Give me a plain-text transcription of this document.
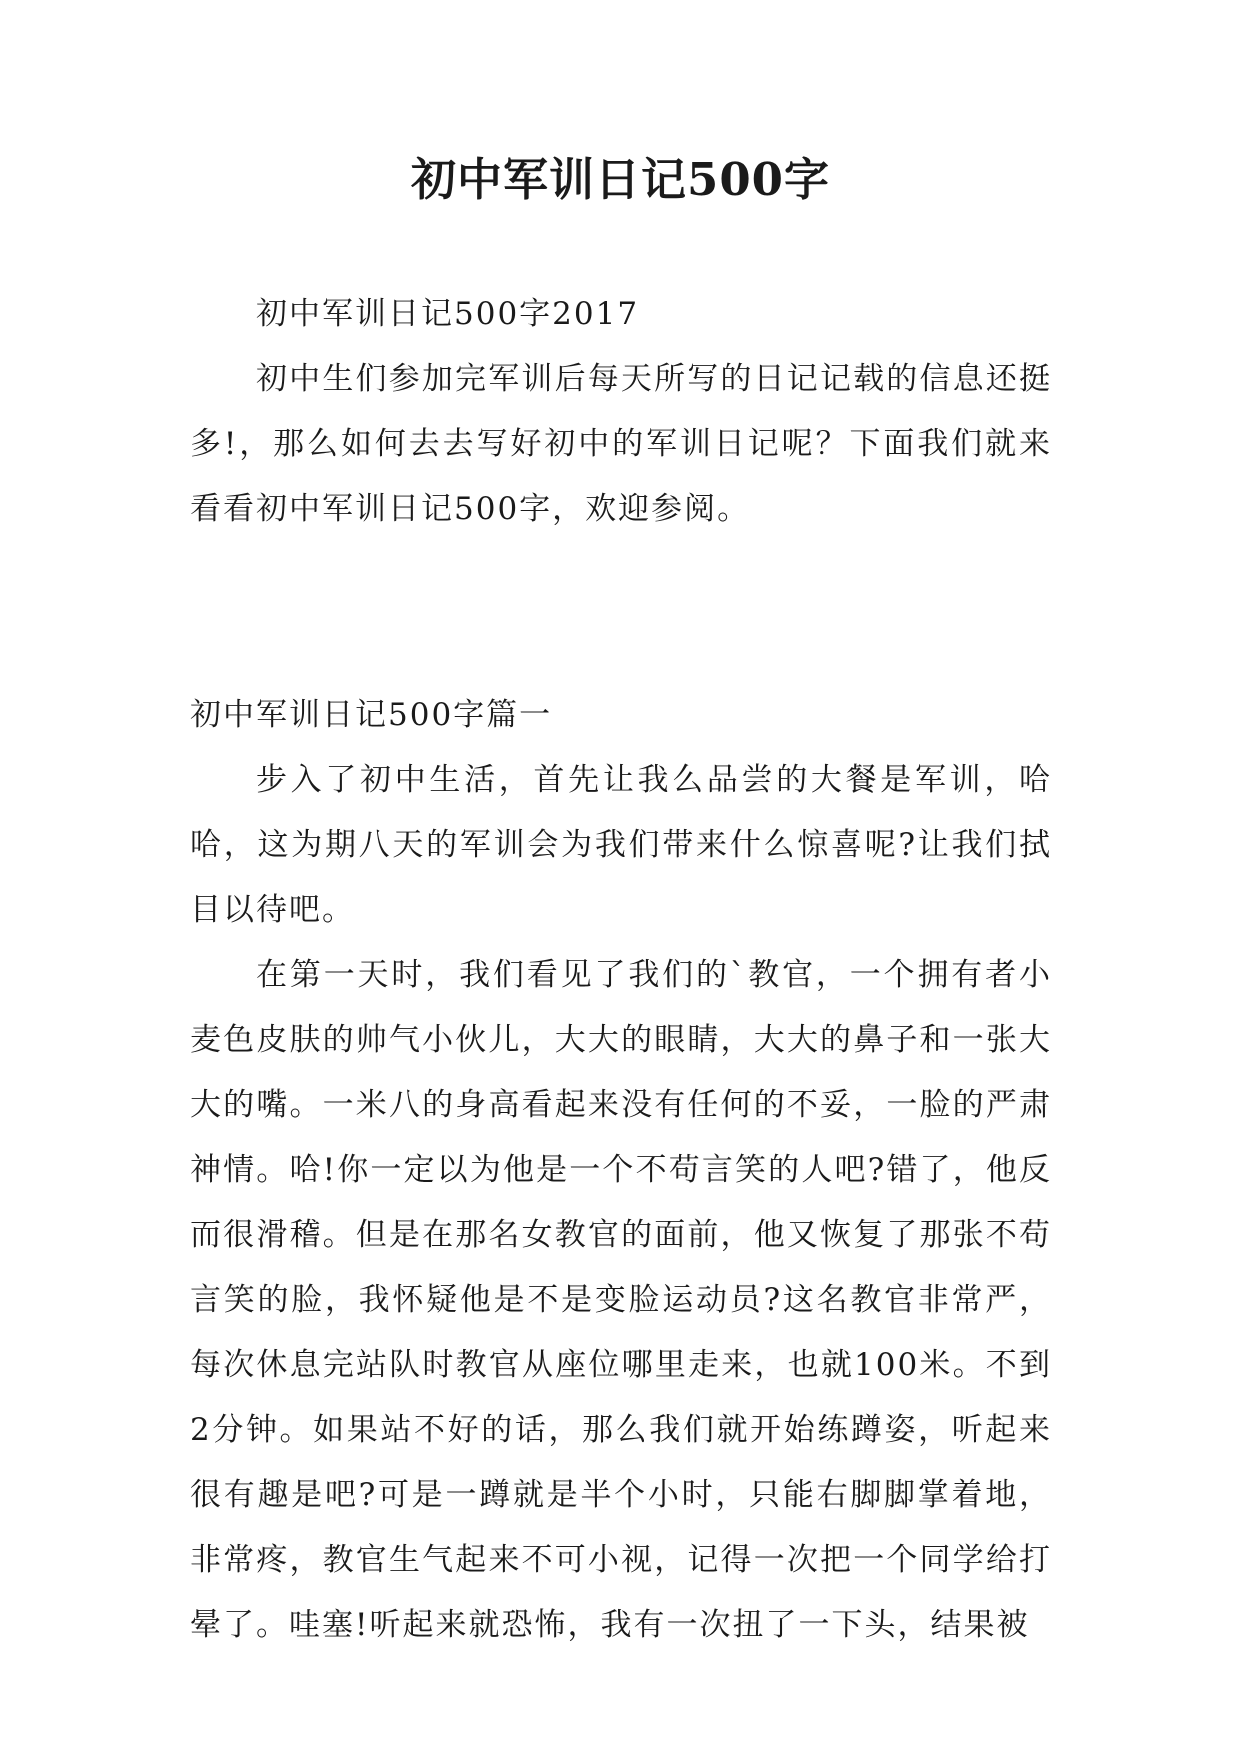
初中军训日记500字

初中军训日记500字2017

初中生们参加完军训后每天所写的日记记载的信息还挺多!，那么如何去去写好初中的军训日记呢？下面我们就来看看初中军训日记500字，欢迎参阅。

初中军训日记500字篇一

步入了初中生活，首先让我么品尝的大餐是军训，哈哈，这为期八天的军训会为我们带来什么惊喜呢?让我们拭目以待吧。

在第一天时，我们看见了我们的`教官，一个拥有者小麦色皮肤的帅气小伙儿，大大的眼睛，大大的鼻子和一张大大的嘴。一米八的身高看起来没有任何的不妥，一脸的严肃神情。哈!你一定以为他是一个不苟言笑的人吧?错了，他反而很滑稽。但是在那名女教官的面前，他又恢复了那张不苟言笑的脸，我怀疑他是不是变脸运动员?这名教官非常严，每次休息完站队时教官从座位哪里走来，也就100米。不到2分钟。如果站不好的话，那么我们就开始练蹲姿，听起来很有趣是吧?可是一蹲就是半个小时，只能右脚脚掌着地，非常疼，教官生气起来不可小视，记得一次把一个同学给打晕了。哇塞!听起来就恐怖，我有一次扭了一下头，结果被
